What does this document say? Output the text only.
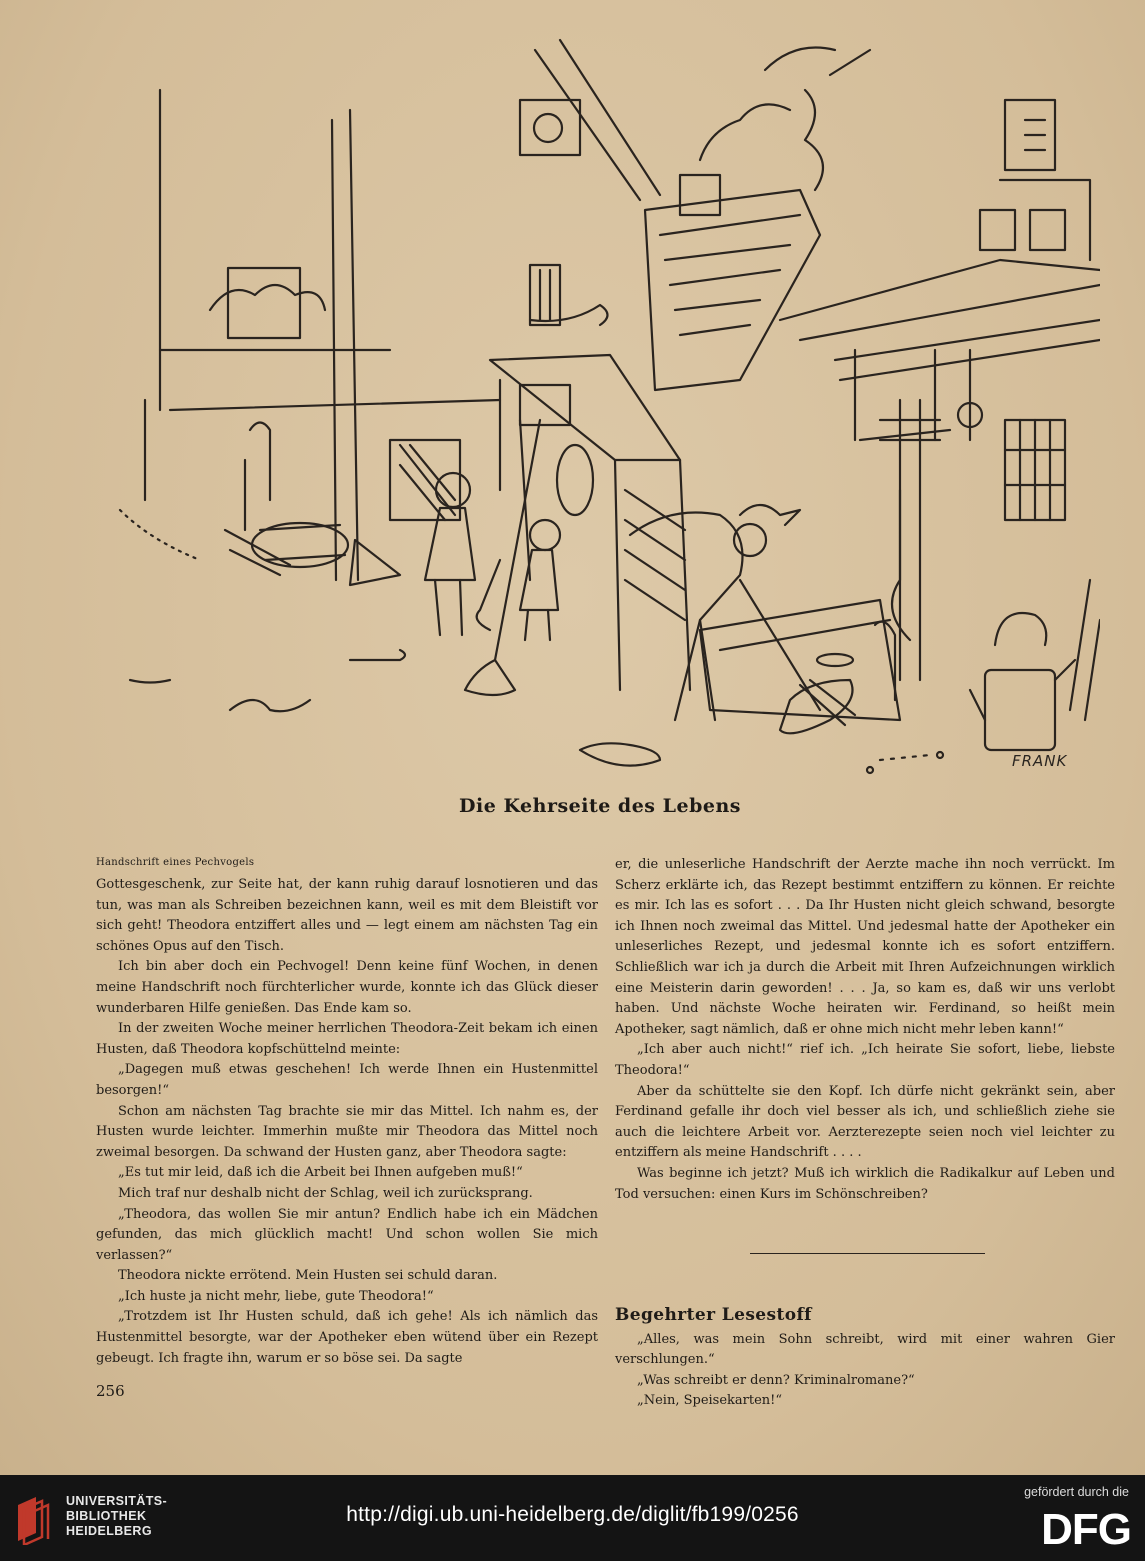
FRANK
Die Kehrseite des Lebens
Handschrift eines Pechvogels

Gottesgeschenk, zur Seite hat, der kann ruhig darauf losnotieren und das tun, was man als Schreiben bezeichnen kann, weil es mit dem Bleistift vor sich geht! Theodora entziffert alles und — legt einem am nächsten Tag ein schönes Opus auf den Tisch.

Ich bin aber doch ein Pechvogel! Denn keine fünf Wochen, in denen meine Handschrift noch fürchterlicher wurde, konnte ich das Glück dieser wunderbaren Hilfe genießen. Das Ende kam so.

In der zweiten Woche meiner herrlichen Theodora-Zeit bekam ich einen Husten, daß Theodora kopfschüttelnd meinte:

„Dagegen muß etwas geschehen! Ich werde Ihnen ein Hustenmittel besorgen!“

Schon am nächsten Tag brachte sie mir das Mittel. Ich nahm es, der Husten wurde leichter. Immerhin mußte mir Theodora das Mittel noch zweimal besorgen. Da schwand der Husten ganz, aber Theodora sagte:

„Es tut mir leid, daß ich die Arbeit bei Ihnen aufgeben muß!“

Mich traf nur deshalb nicht der Schlag, weil ich zurücksprang.

„Theodora, das wollen Sie mir antun? Endlich habe ich ein Mädchen gefunden, das mich glücklich macht! Und schon wollen Sie mich verlassen?“

Theodora nickte errötend. Mein Husten sei schuld daran.

„Ich huste ja nicht mehr, liebe, gute Theodora!“

„Trotzdem ist Ihr Husten schuld, daß ich gehe! Als ich nämlich das Hustenmittel besorgte, war der Apotheker eben wütend über ein Rezept gebeugt. Ich fragte ihn, warum er so böse sei. Da sagte

256

er, die unleserliche Handschrift der Aerzte mache ihn noch verrückt. Im Scherz erklärte ich, das Rezept bestimmt entziffern zu können. Er reichte es mir. Ich las es sofort . . . Da Ihr Husten nicht gleich schwand, besorgte ich Ihnen noch zweimal das Mittel. Und jedesmal hatte der Apotheker ein unleserliches Rezept, und jedesmal konnte ich es sofort entziffern. Schließlich war ich ja durch die Arbeit mit Ihren Aufzeichnungen wirklich eine Meisterin darin geworden! . . . Ja, so kam es, daß wir uns verlobt haben. Und nächste Woche heiraten wir. Ferdinand, so heißt mein Apotheker, sagt nämlich, daß er ohne mich nicht mehr leben kann!“

„Ich aber auch nicht!“ rief ich. „Ich heirate Sie sofort, liebe, liebste Theodora!“

Aber da schüttelte sie den Kopf. Ich dürfe nicht gekränkt sein, aber Ferdinand gefalle ihr doch viel besser als ich, und schließlich ziehe sie auch die leichtere Arbeit vor. Aerzterezepte seien noch viel leichter zu entziffern als meine Handschrift . . . .

Was beginne ich jetzt? Muß ich wirklich die Radikalkur auf Leben und Tod versuchen: einen Kurs im Schönschreiben?

Begehrter Lesestoff

„Alles, was mein Sohn schreibt, wird mit einer wahren Gier verschlungen.“

„Was schreibt er denn? Kriminalromane?“

„Nein, Speisekarten!“

UNIVERSITÄTS-
BIBLIOTHEK
HEIDELBERG
http://digi.ub.uni-heidelberg.de/diglit/fb199/0256
gefördert durch die
DFG
